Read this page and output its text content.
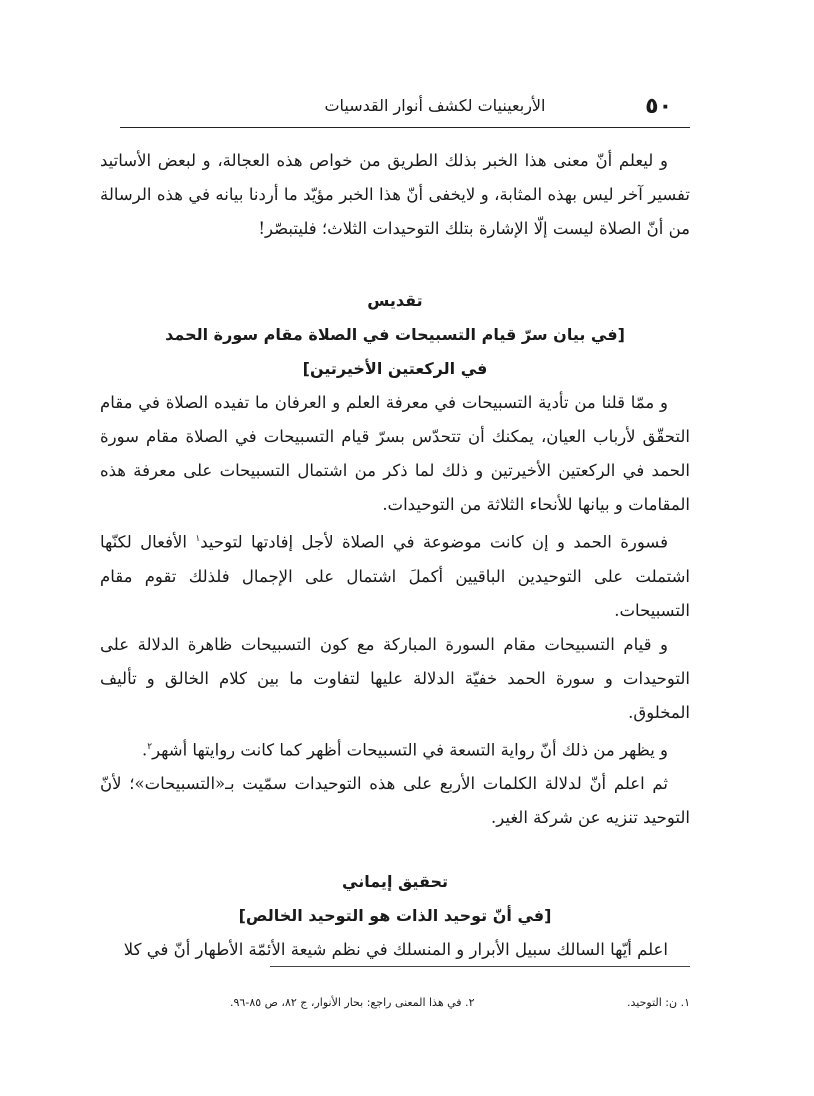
٥٠
الأربعينيات لكشف أنوار القدسيات

و ليعلم أنّ معنى هذا الخبر بذلك الطريق من خواص هذه العجالة، و لبعض الأساتيد تفسير آخر ليس بهذه المثابة، و لايخفى أنّ هذا الخبر مؤيّد ما أردنا بيانه في هذه الرسالة من أنّ الصلاة ليست إلّا الإشارة بتلك التوحيدات الثلاث؛ فليتبصّر!

تقديس
[في بيان سرّ قيام التسبيحات في الصلاة مقام سورة الحمد
في الركعتين الأخيرتين]

و ممّا قلنا من تأدية التسبيحات في معرفة العلم و العرفان ما تفيده الصلاة في مقام التحقّق لأرباب العيان، يمكنك أن تتحدّس بسرّ قيام التسبيحات في الصلاة مقام سورة الحمد في الركعتين الأخيرتين و ذلك لما ذكر من اشتمال التسبيحات على معرفة هذه المقامات و بيانها للأنحاء الثلاثة من التوحيدات.

فسورة الحمد و إن كانت موضوعة في الصلاة لأجل إفادتها لتوحيد$^١$ الأفعال لكنّها اشتملت على التوحيدين الباقيين أكملَ اشتمال على الإجمال فلذلك تقوم مقام التسبيحات.

و قيام التسبيحات مقام السورة المباركة مع كون التسبيحات ظاهرة الدلالة على التوحيدات و سورة الحمد خفيّة الدلالة عليها لتفاوت ما بين كلام الخالق و تأليف المخلوق.

و يظهر من ذلك أنّ رواية التسعة في التسبيحات أظهر كما كانت روايتها أشهر$^٢$.

ثم اعلم أنّ لدلالة الكلمات الأربع على هذه التوحيدات سمّيت بـ«التسبيحات»؛ لأنّ التوحيد تنزيه عن شركة الغير.

تحقيق إيماني
[في أنّ توحيد الذات هو التوحيد الخالص]

اعلم أيّها السالك سبيل الأبرار و المنسلك في نظم شيعة الأئمّة الأطهار أنّ في كلا

١. ن: التوحيد.
٢. في هذا المعنى راجع: بحار الأنوار، ج ٨٢، ص ٨٥-٩٦.
